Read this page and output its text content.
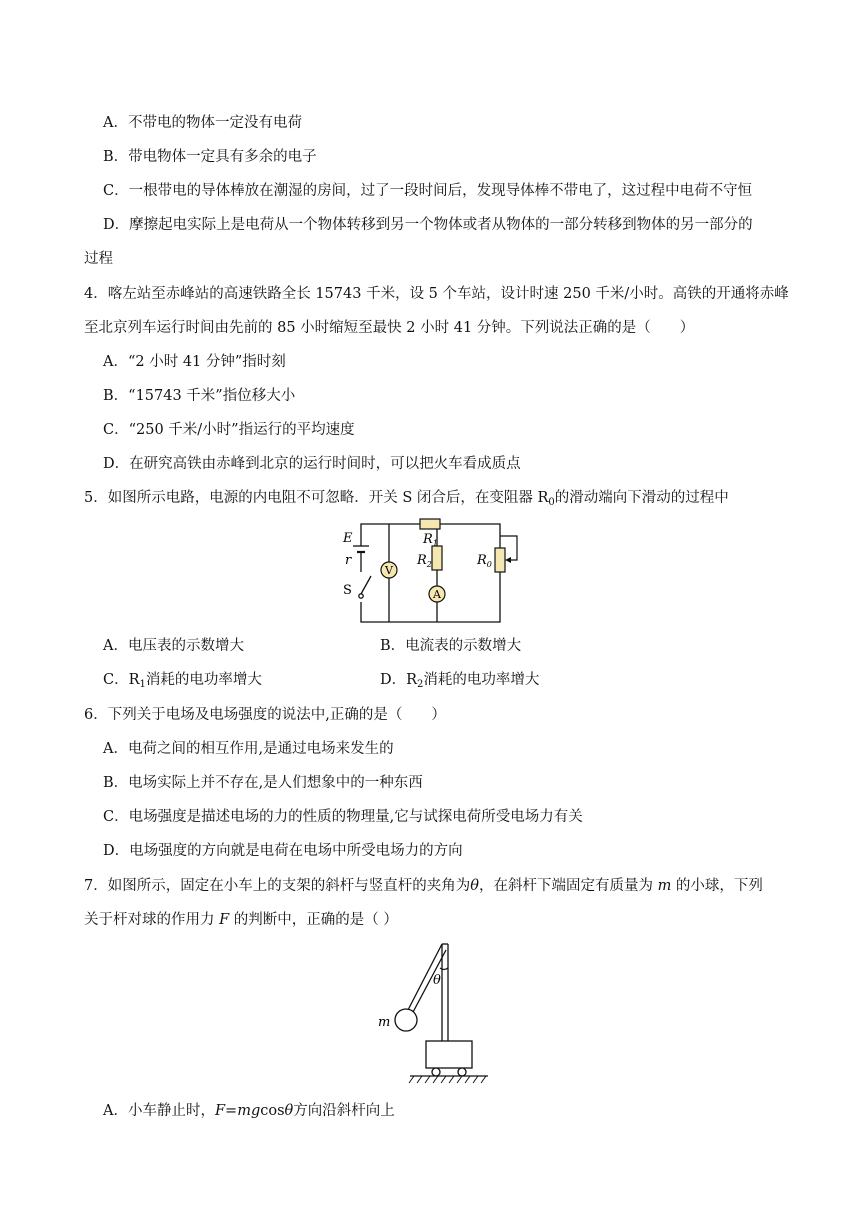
A．不带电的物体一定没有电荷
B．带电物体一定具有多余的电子
C．一根带电的导体棒放在潮湿的房间，过了一段时间后，发现导体棒不带电了，这过程中电荷不守恒
D．摩擦起电实际上是电荷从一个物体转移到另一个物体或者从物体的一部分转移到物体的另一部分的
过程
4．喀左站至赤峰站的高速铁路全长 15743 千米，设 5 个车站，设计时速 250 千米/小时。高铁的开通将赤峰
至北京列车运行时间由先前的 85 小时缩短至最快 2 小时 41 分钟。下列说法正确的是（　　）
A．“2 小时 41 分钟”指时刻
B．“15743 千米”指位移大小
C．“250 千米/小时”指运行的平均速度
D．在研究高铁由赤峰到北京的运行时间时，可以把火车看成质点
5．如图所示电路，电源的内电阻不可忽略．开关 S 闭合后，在变阻器 $R_0$的滑动端向下滑动的过程中
V
A
E
r
S
$R_1$
$R_2$	$R_0$
A．电压表的示数增大	B．电流表的示数增大
C．$R_1$消耗的电功率增大	D．$R_2$消耗的电功率增大
6．下列关于电场及电场强度的说法中,正确的是（　　）
A．电荷之间的相互作用,是通过电场来发生的
B．电场实际上并不存在,是人们想象中的一种东西
C．电场强度是描述电场的力的性质的物理量,它与试探电荷所受电场力有关
D．电场强度的方向就是电荷在电场中所受电场力的方向
7．如图所示，固定在小车上的支架的斜杆与竖直杆的夹角为θ，在斜杆下端固定有质量为 m 的小球，下列
关于杆对球的作用力 F 的判断中，正确的是（ ）
m
θ
A．小车静止时，F=mgcosθ方向沿斜杆向上
